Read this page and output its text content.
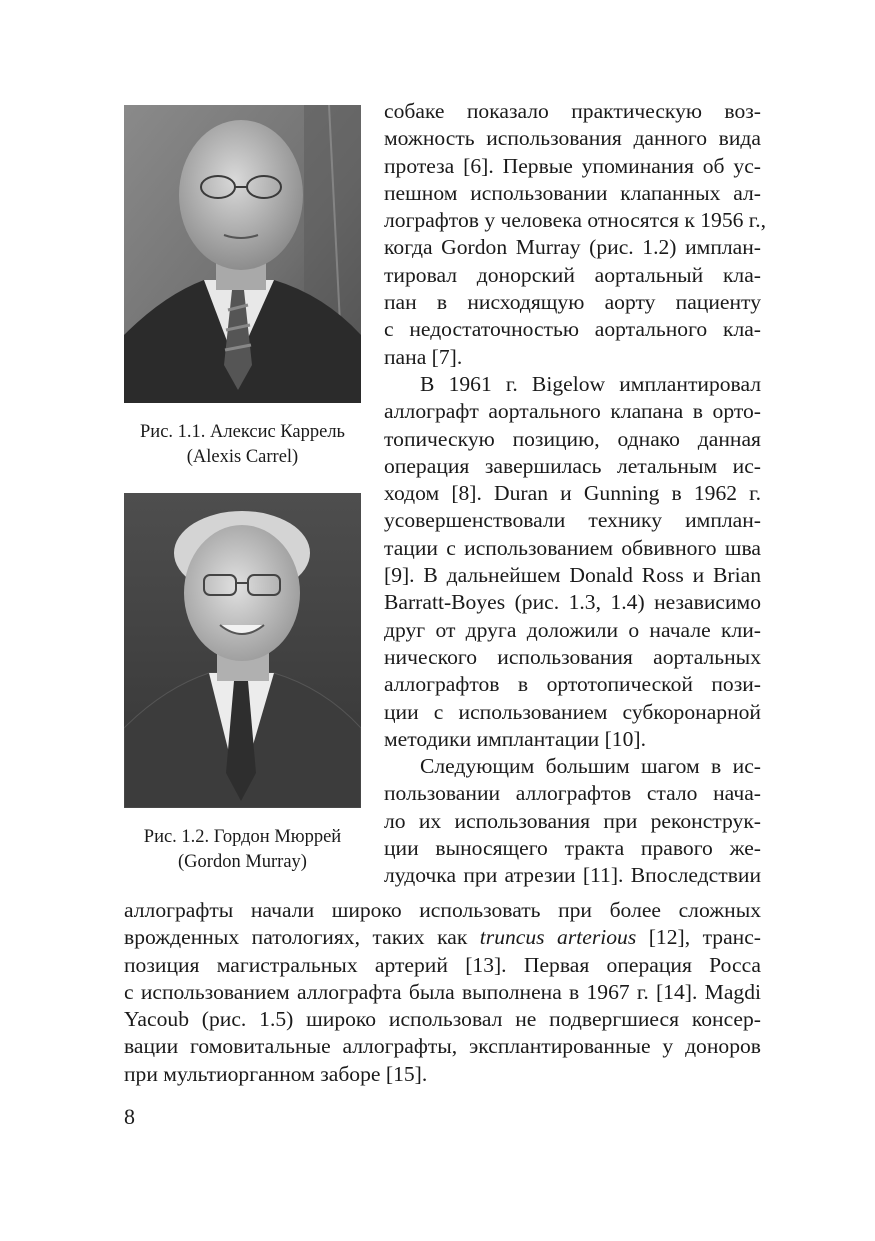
Рис. 1.1. Алексис Каррель
(Alexis Carrel)
Рис. 1.2. Гордон Мюррей
(Gordon Murray)
собаке показало практическую воз-
можность использования данного вида
протеза [6]. Первые упоминания об ус-
пешном использовании клапанных ал-
лографтов у человека относятся к 1956 г.,
когда Gordon Murray (рис. 1.2) имплан-
тировал донорский аортальный кла-
пан в нисходящую аорту пациенту
с недостаточностью аортального кла-
пана [7].
В 1961 г. Bigelow имплантировал
аллографт аортального клапана в орто-
топическую позицию, однако данная
операция завершилась летальным ис-
ходом [8]. Duran и Gunning в 1962 г.
усовершенствовали технику имплан-
тации с использованием обвивного шва
[9]. В дальнейшем Donald Ross и Brian
Barratt-Boyes (рис. 1.3, 1.4) независимо
друг от друга доложили о начале кли-
нического использования аортальных
аллографтов в ортотопической пози-
ции с использованием субкоронарной
методики имплантации [10].
Следующим большим шагом в ис-
пользовании аллографтов стало нача-
ло их использования при реконструк-
ции выносящего тракта правого же-
лудочка при атрезии [11]. Впоследствии
аллографты начали широко использовать при более сложных
врожденных патологиях, таких как truncus arterious [12], транс-
позиция магистральных артерий [13]. Первая операция Росса
с использованием аллографта была выполнена в 1967 г. [14]. Magdi
Yacoub (рис. 1.5) широко использовал не подвергшиеся консер-
вации гомовитальные аллографты, эксплантированные у доноров
при мультиорганном заборе [15].
8
